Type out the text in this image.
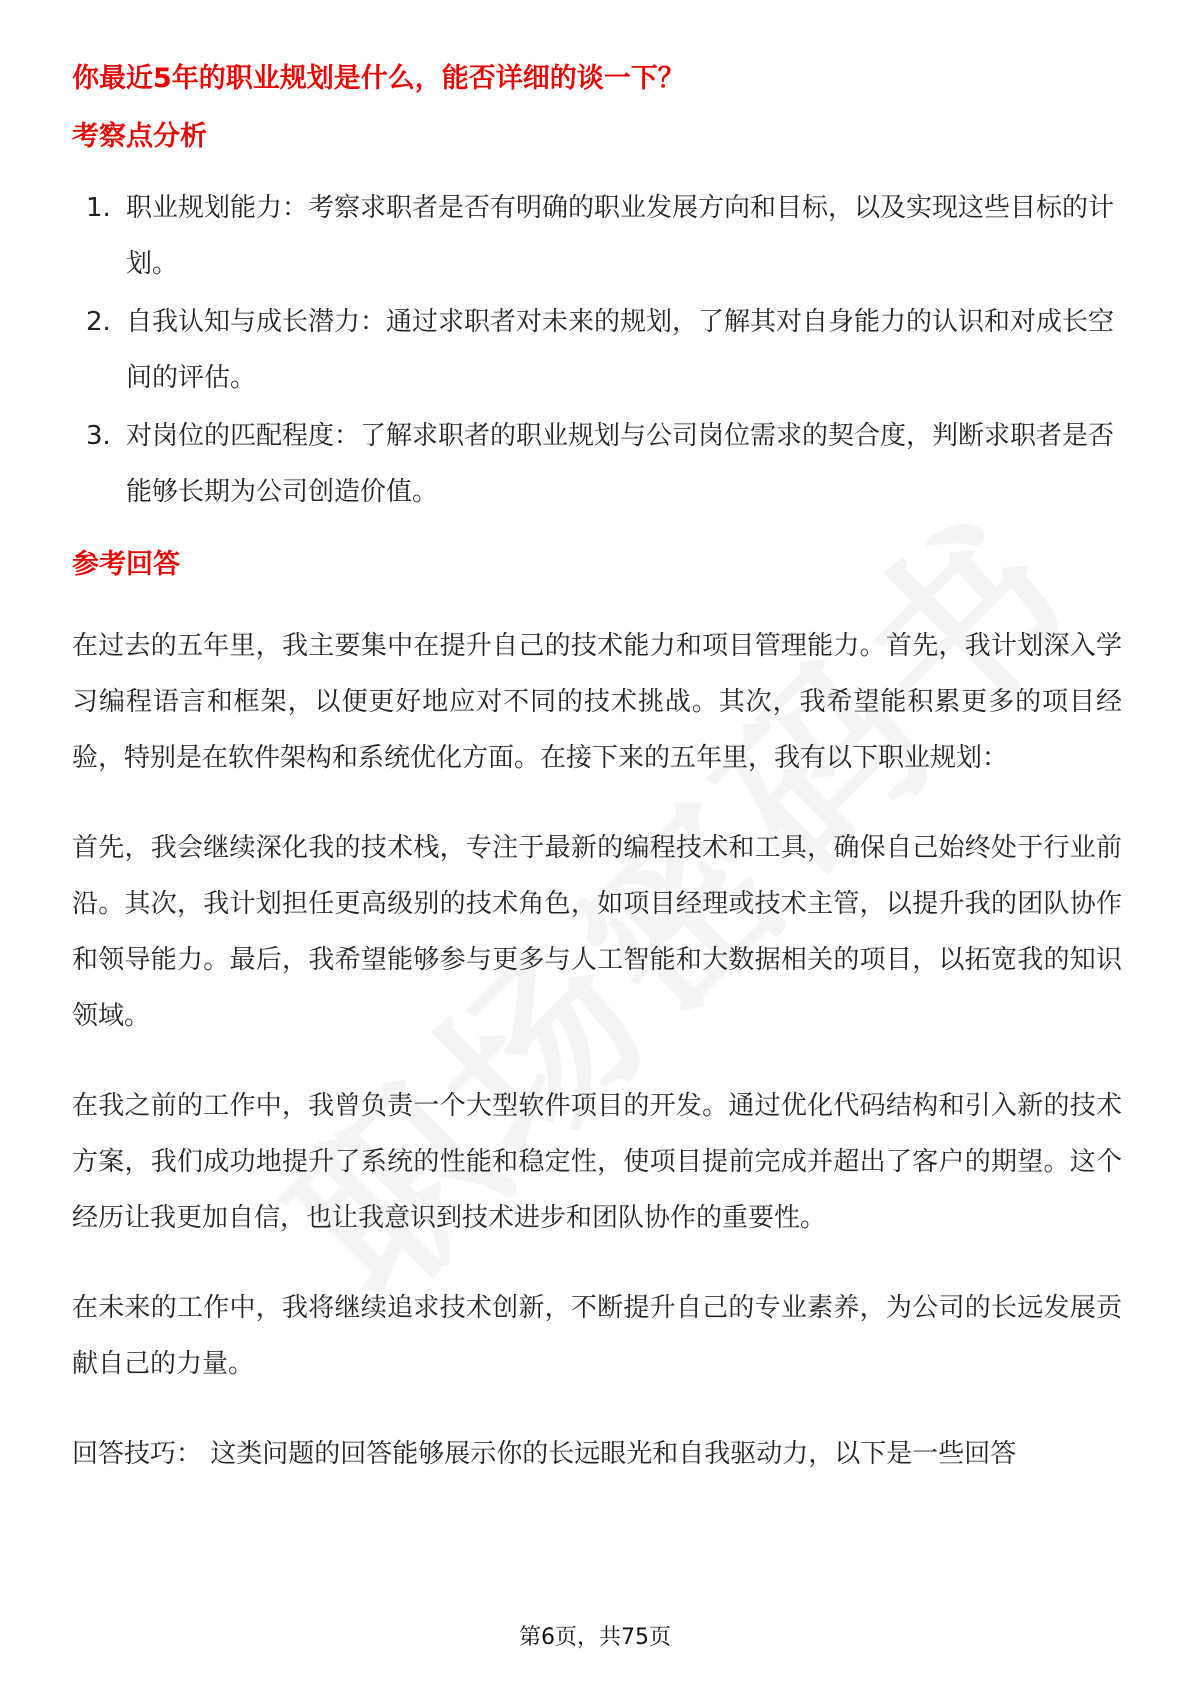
你最近5年的职业规划是什么，能否详细的谈一下？
考察点分析
1. 职业规划能力：考察求职者是否有明确的职业发展方向和目标，以及实现这些目标的计划。
2. 自我认知与成长潜力：通过求职者对未来的规划，了解其对自身能力的认识和对成长空间的评估。
3. 对岗位的匹配程度：了解求职者的职业规划与公司岗位需求的契合度，判断求职者是否能够长期为公司创造价值。
参考回答

在过去的五年里，我主要集中在提升自己的技术能力和项目管理能力。首先，我计划深入学习编程语言和框架，以便更好地应对不同的技术挑战。其次，我希望能积累更多的项目经验，特别是在软件架构和系统优化方面。在接下来的五年里，我有以下职业规划：

首先，我会继续深化我的技术栈，专注于最新的编程技术和工具，确保自己始终处于行业前沿。其次，我计划担任更高级别的技术角色，如项目经理或技术主管，以提升我的团队协作和领导能力。最后，我希望能够参与更多与人工智能和大数据相关的项目，以拓宽我的知识领域。

在我之前的工作中，我曾负责一个大型软件项目的开发。通过优化代码结构和引入新的技术方案，我们成功地提升了系统的性能和稳定性，使项目提前完成并超出了客户的期望。这个经历让我更加自信，也让我意识到技术进步和团队协作的重要性。

在未来的工作中，我将继续追求技术创新，不断提升自己的专业素养，为公司的长远发展贡献自己的力量。

回答技巧： 这类问题的回答能够展示你的长远眼光和自我驱动力，以下是一些回答

第6页，共75页
